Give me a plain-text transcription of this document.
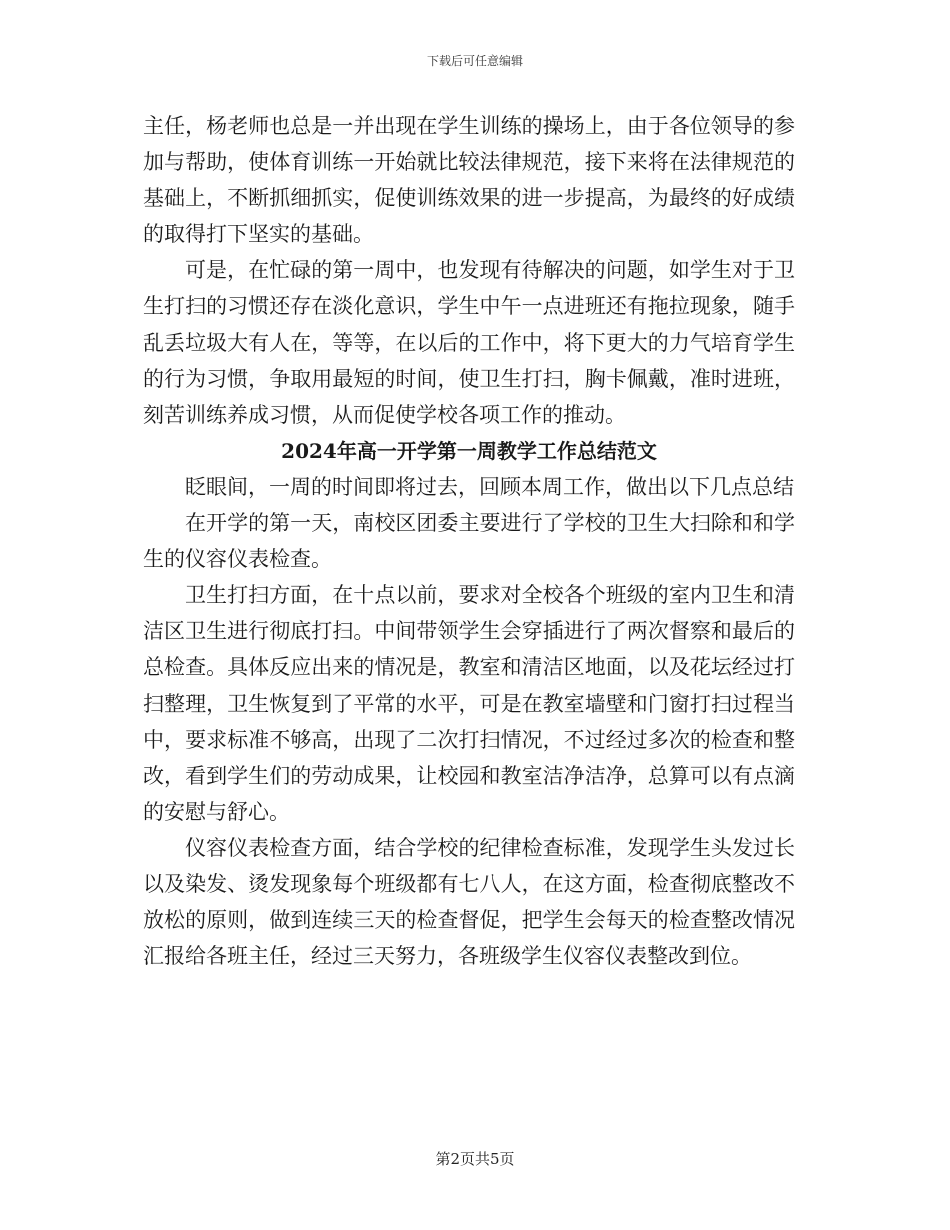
下载后可任意编辑

主任，杨老师也总是一并出现在学生训练的操场上，由于各位领导的参加与帮助，使体育训练一开始就比较法律规范，接下来将在法律规范的基础上，不断抓细抓实，促使训练效果的进一步提高，为最终的好成绩的取得打下坚实的基础。

可是，在忙碌的第一周中，也发现有待解决的问题，如学生对于卫生打扫的习惯还存在淡化意识，学生中午一点进班还有拖拉现象，随手乱丢垃圾大有人在，等等，在以后的工作中，将下更大的力气培育学生的行为习惯，争取用最短的时间，使卫生打扫，胸卡佩戴，准时进班，刻苦训练养成习惯，从而促使学校各项工作的推动。

2024年高一开学第一周教学工作总结范文

眨眼间，一周的时间即将过去，回顾本周工作，做出以下几点总结

在开学的第一天，南校区团委主要进行了学校的卫生大扫除和和学生的仪容仪表检查。

卫生打扫方面，在十点以前，要求对全校各个班级的室内卫生和清洁区卫生进行彻底打扫。中间带领学生会穿插进行了两次督察和最后的总检查。具体反应出来的情况是，教室和清洁区地面，以及花坛经过打扫整理，卫生恢复到了平常的水平，可是在教室墙壁和门窗打扫过程当中，要求标准不够高，出现了二次打扫情况，不过经过多次的检查和整改，看到学生们的劳动成果，让校园和教室洁净洁净，总算可以有点滴的安慰与舒心。

仪容仪表检查方面，结合学校的纪律检查标准，发现学生头发过长以及染发、烫发现象每个班级都有七八人，在这方面，检查彻底整改不放松的原则，做到连续三天的检查督促，把学生会每天的检查整改情况汇报给各班主任，经过三天努力，各班级学生仪容仪表整改到位。

第2页共5页
